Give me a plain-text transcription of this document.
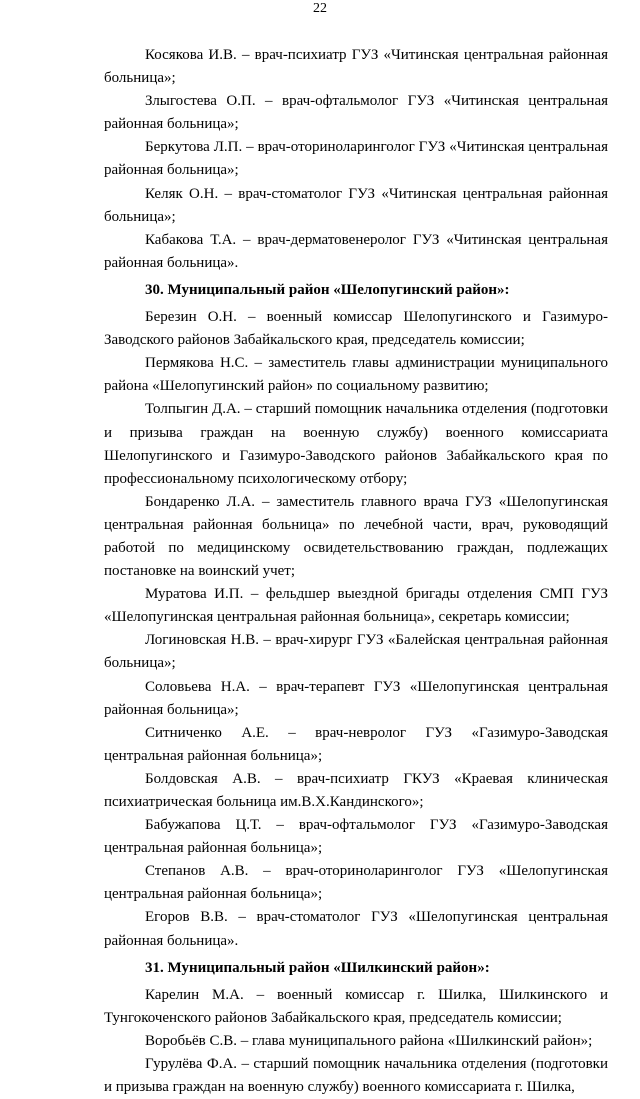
22

Косякова И.В. – врач-психиатр ГУЗ «Читинская центральная районная больница»;

Злыгостева О.П. – врач-офтальмолог ГУЗ «Читинская центральная районная больница»;

Беркутова Л.П. – врач-оториноларинголог ГУЗ «Читинская центральная районная больница»;

Келяк О.Н. – врач-стоматолог ГУЗ «Читинская центральная районная больница»;

Кабакова Т.А. – врач-дерматовенеролог ГУЗ «Читинская центральная районная больница».

30. Муниципальный район «Шелопугинский район»:

Березин О.Н. – военный комиссар Шелопугинского и Газимуро-Заводского районов Забайкальского края, председатель комиссии;

Пермякова Н.С. – заместитель главы администрации муниципального района «Шелопугинский район» по социальному развитию;

Толпыгин Д.А. – старший помощник начальника отделения (подготовки и призыва граждан на военную службу) военного комиссариата Шелопугинского и Газимуро-Заводского районов Забайкальского края по профессиональному психологическому отбору;

Бондаренко Л.А. – заместитель главного врача ГУЗ «Шелопугинская центральная районная больница» по лечебной части, врач, руководящий работой по медицинскому освидетельствованию граждан, подлежащих постановке на воинский учет;

Муратова И.П. – фельдшер выездной бригады отделения СМП ГУЗ «Шелопугинская центральная районная больница», секретарь комиссии;

Логиновская Н.В. – врач-хирург ГУЗ «Балейская центральная районная больница»;

Соловьева Н.А. – врач-терапевт ГУЗ «Шелопугинская центральная районная больница»;

Ситниченко А.Е. – врач-невролог ГУЗ «Газимуро-Заводская центральная районная больница»;

Болдовская А.В. – врач-психиатр ГКУЗ «Краевая клиническая психиатрическая больница им.В.Х.Кандинского»;

Бабужапова Ц.Т. – врач-офтальмолог ГУЗ «Газимуро-Заводская центральная районная больница»;

Степанов А.В. – врач-оториноларинголог ГУЗ «Шелопугинская центральная районная больница»;

Егоров В.В. – врач-стоматолог ГУЗ «Шелопугинская центральная районная больница».

31. Муниципальный район «Шилкинский район»:

Карелин М.А. – военный комиссар г. Шилка, Шилкинского и Тунгокоченского районов Забайкальского края, председатель комиссии;

Воробьёв С.В. – глава муниципального района «Шилкинский район»;

Гурулёва Ф.А. – старший помощник начальника отделения (подготовки и призыва граждан на военную службу) военного комиссариата г. Шилка,
